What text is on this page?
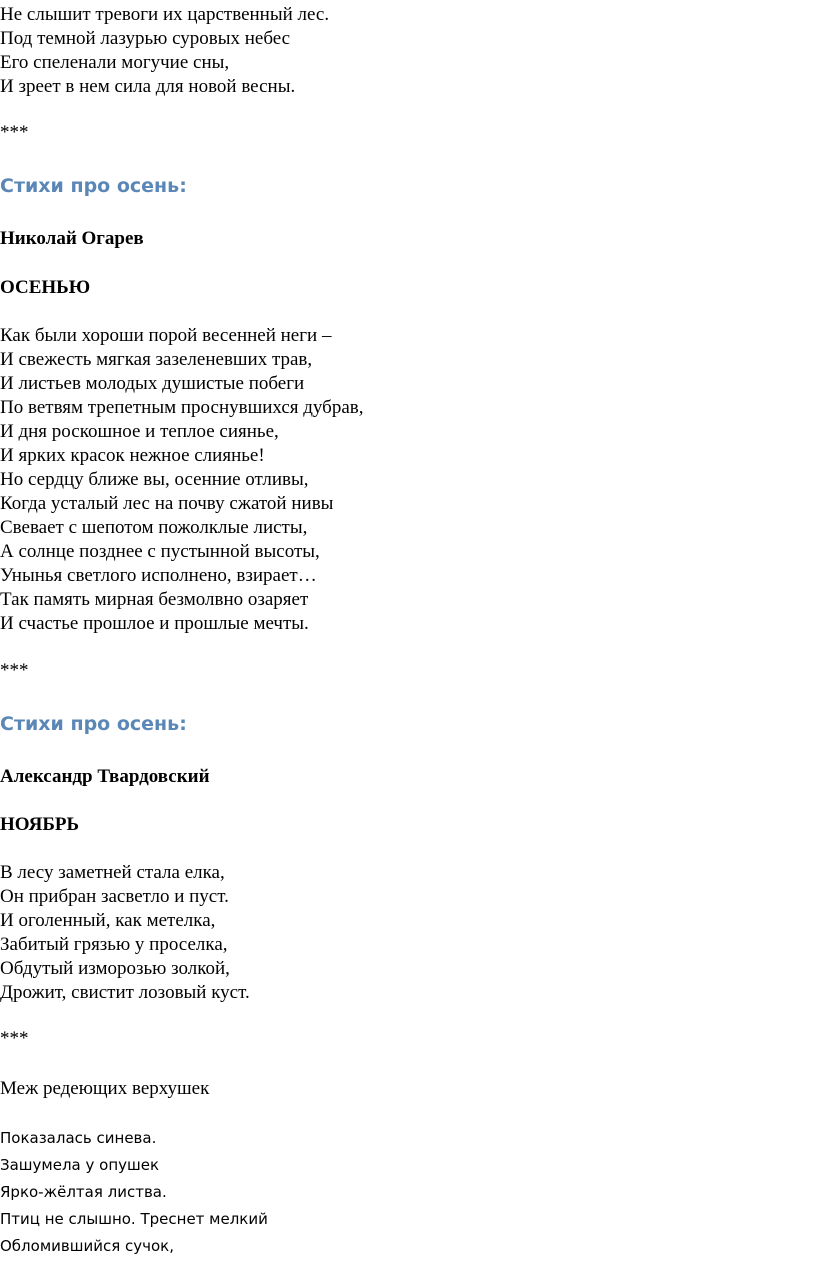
Не слышит тревоги их царственный лес.

Под темной лазурью суровых небес

Его спеленали могучие сны,

И зреет в нем сила для новой весны.

***

Стихи про осень:

Николай Огарев

ОСЕНЬЮ

Как были хороши порой весенней неги –

И свежесть мягкая зазеленевших трав,

И листьев молодых душистые побеги

По ветвям трепетным проснувшихся дубрав,

И дня роскошное и теплое сиянье,

И ярких красок нежное слиянье!

Но сердцу ближе вы, осенние отливы,

Когда усталый лес на почву сжатой нивы

Свевает с шепотом пожолклые листы,

А солнце позднее с пустынной высоты,

Унынья светлого исполнено, взирает…

Так память мирная безмолвно озаряет

И счастье прошлое и прошлые мечты.

***

Стихи про осень:

Александр Твардовский

НОЯБРЬ

В лесу заметней стала елка,

Он прибран засветло и пуст.

И оголенный, как метелка,

Забитый грязью у проселка,

Обдутый изморозью золкой,

Дрожит, свистит лозовый куст.

***

Меж редеющих верхушек

Показалась синева.

Зашумела у опушек

Ярко-жёлтая листва.

Птиц не слышно. Треснет мелкий

Обломившийся сучок,
